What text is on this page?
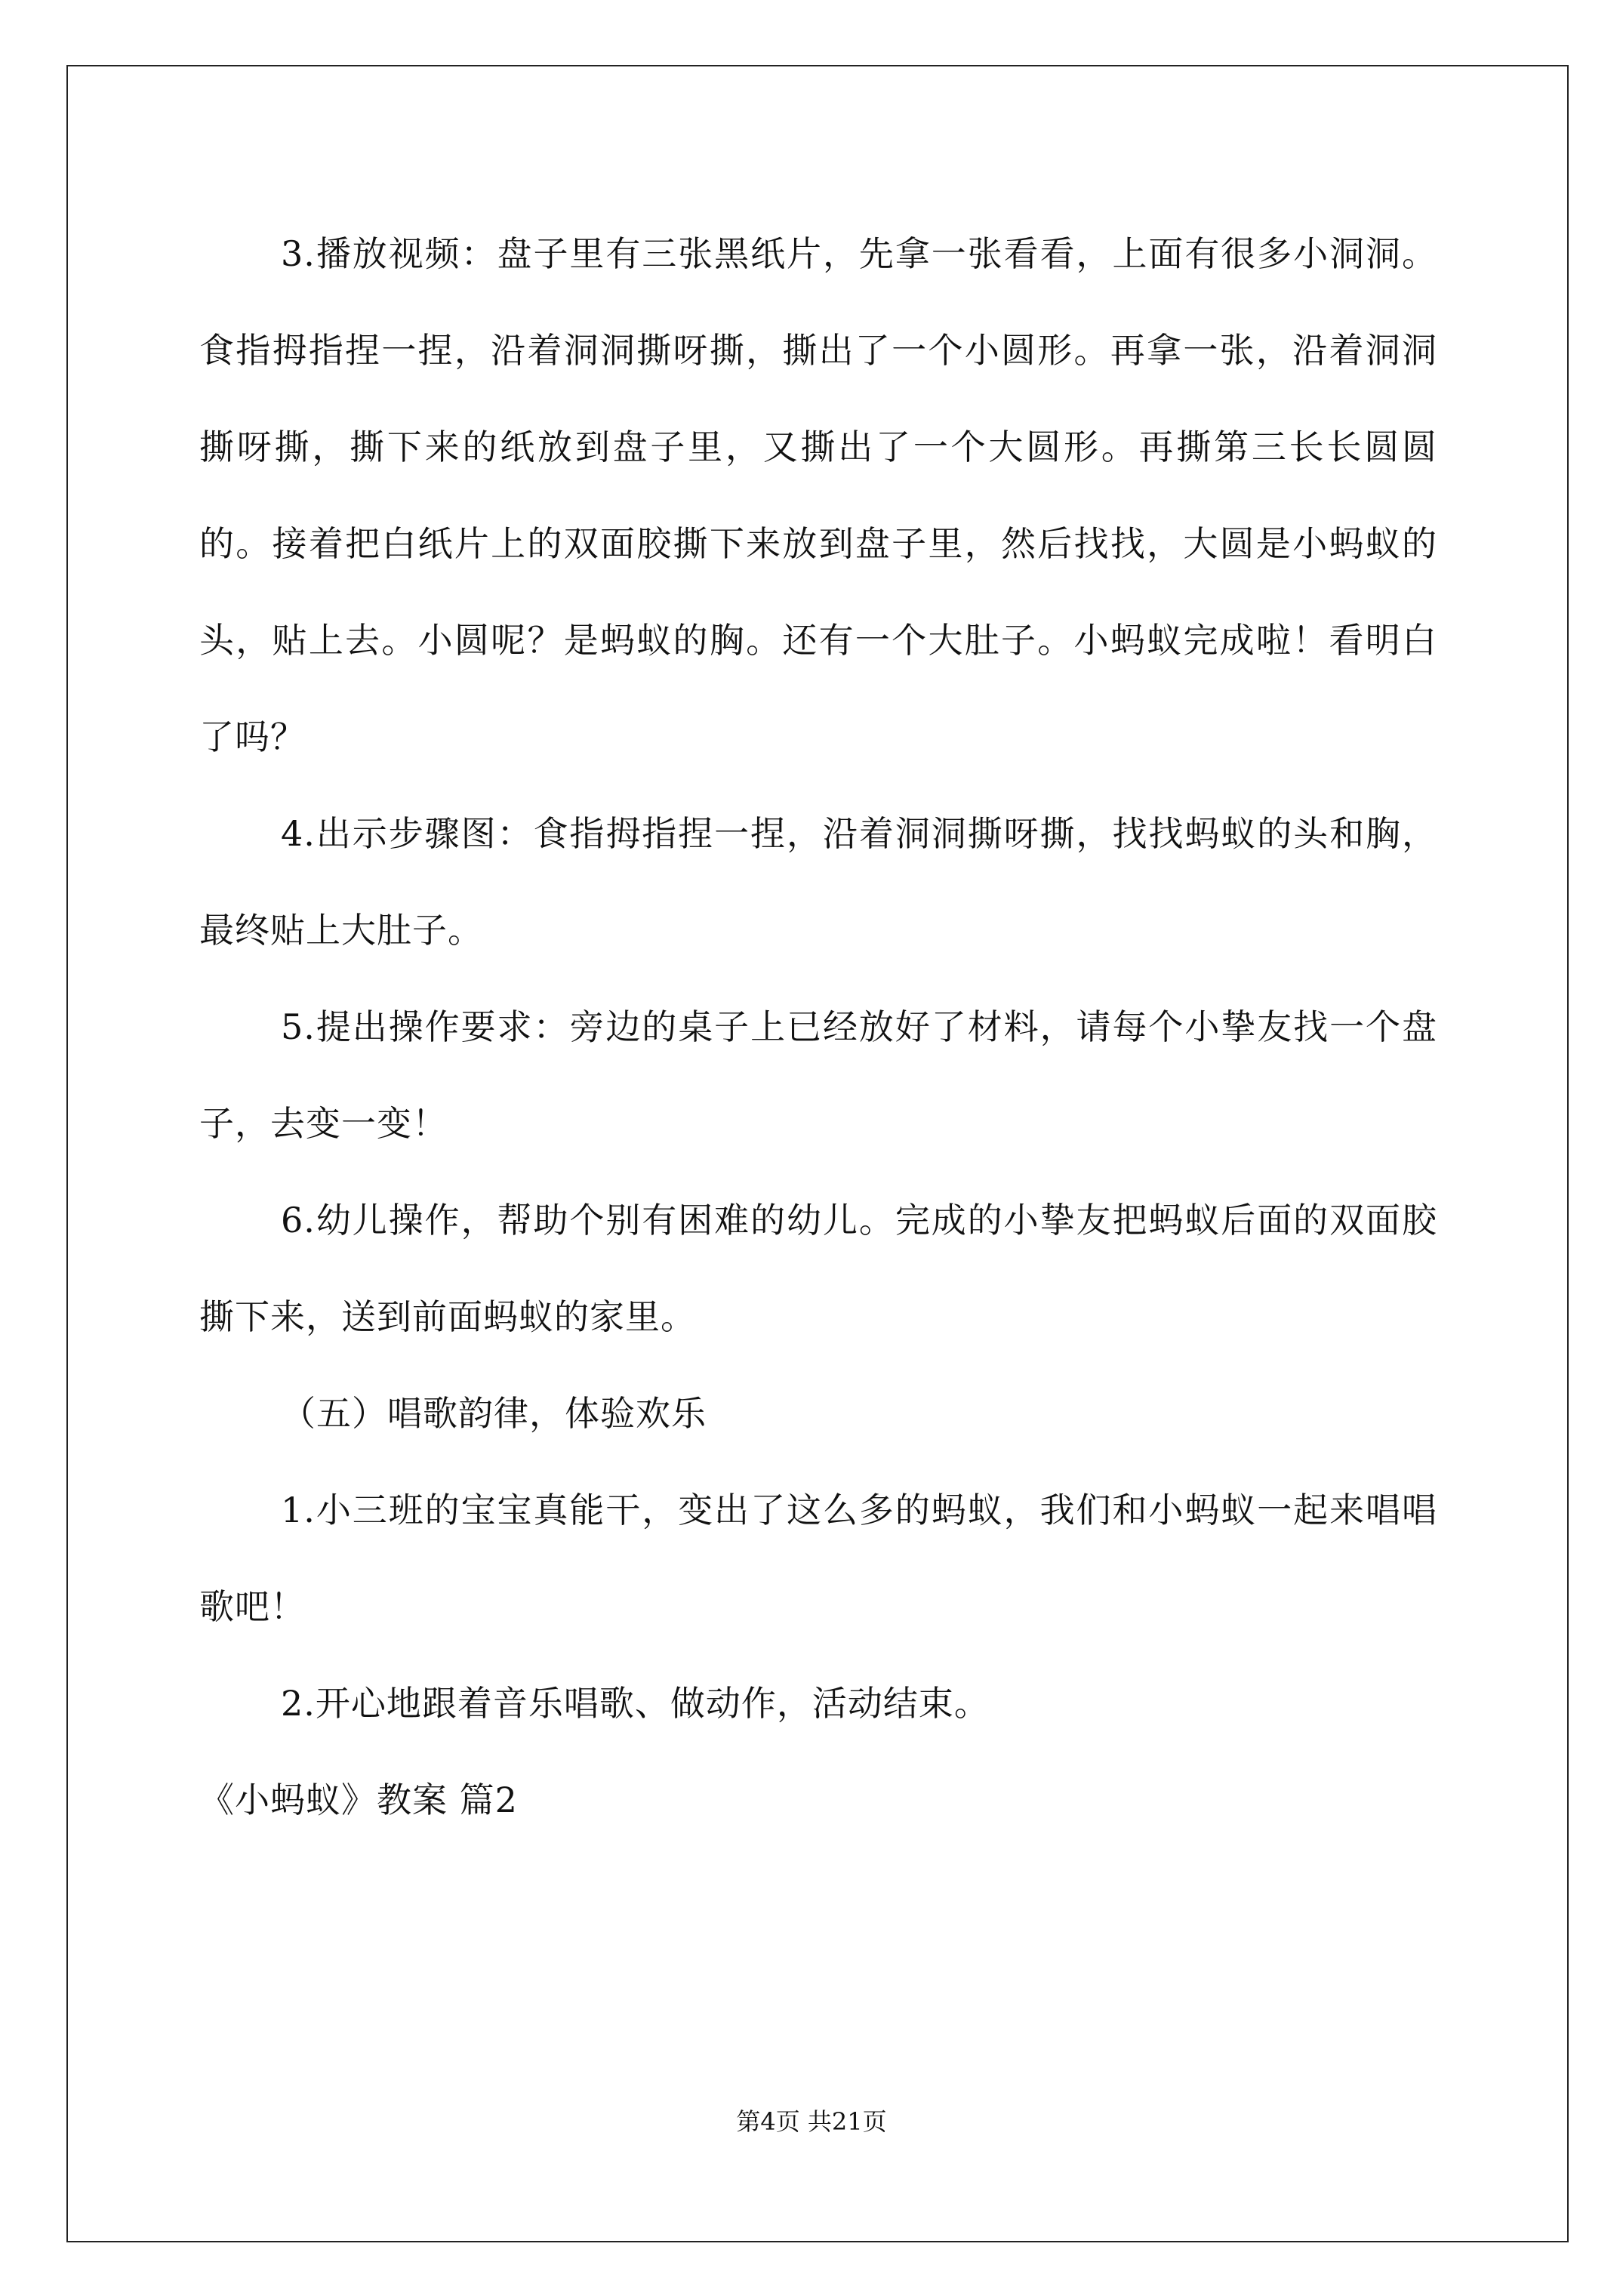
3.播放视频：盘子里有三张黑纸片，先拿一张看看，上面有很多小洞洞。食指拇指捏一捏，沿着洞洞撕呀撕，撕出了一个小圆形。再拿一张，沿着洞洞撕呀撕，撕下来的纸放到盘子里，又撕出了一个大圆形。再撕第三长长圆圆的。接着把白纸片上的双面胶撕下来放到盘子里，然后找找，大圆是小蚂蚁的头，贴上去。小圆呢？是蚂蚁的胸。还有一个大肚子。小蚂蚁完成啦！看明白了吗？

4.出示步骤图：食指拇指捏一捏，沿着洞洞撕呀撕，找找蚂蚁的头和胸，最终贴上大肚子。

5.提出操作要求：旁边的桌子上已经放好了材料，请每个小挚友找一个盘子，去变一变！

6.幼儿操作，帮助个别有困难的幼儿。完成的小挚友把蚂蚁后面的双面胶撕下来，送到前面蚂蚁的家里。

（五）唱歌韵律，体验欢乐

1.小三班的宝宝真能干，变出了这么多的蚂蚁，我们和小蚂蚁一起来唱唱歌吧！

2.开心地跟着音乐唱歌、做动作，活动结束。

《小蚂蚁》教案 篇2

第4页 共21页
